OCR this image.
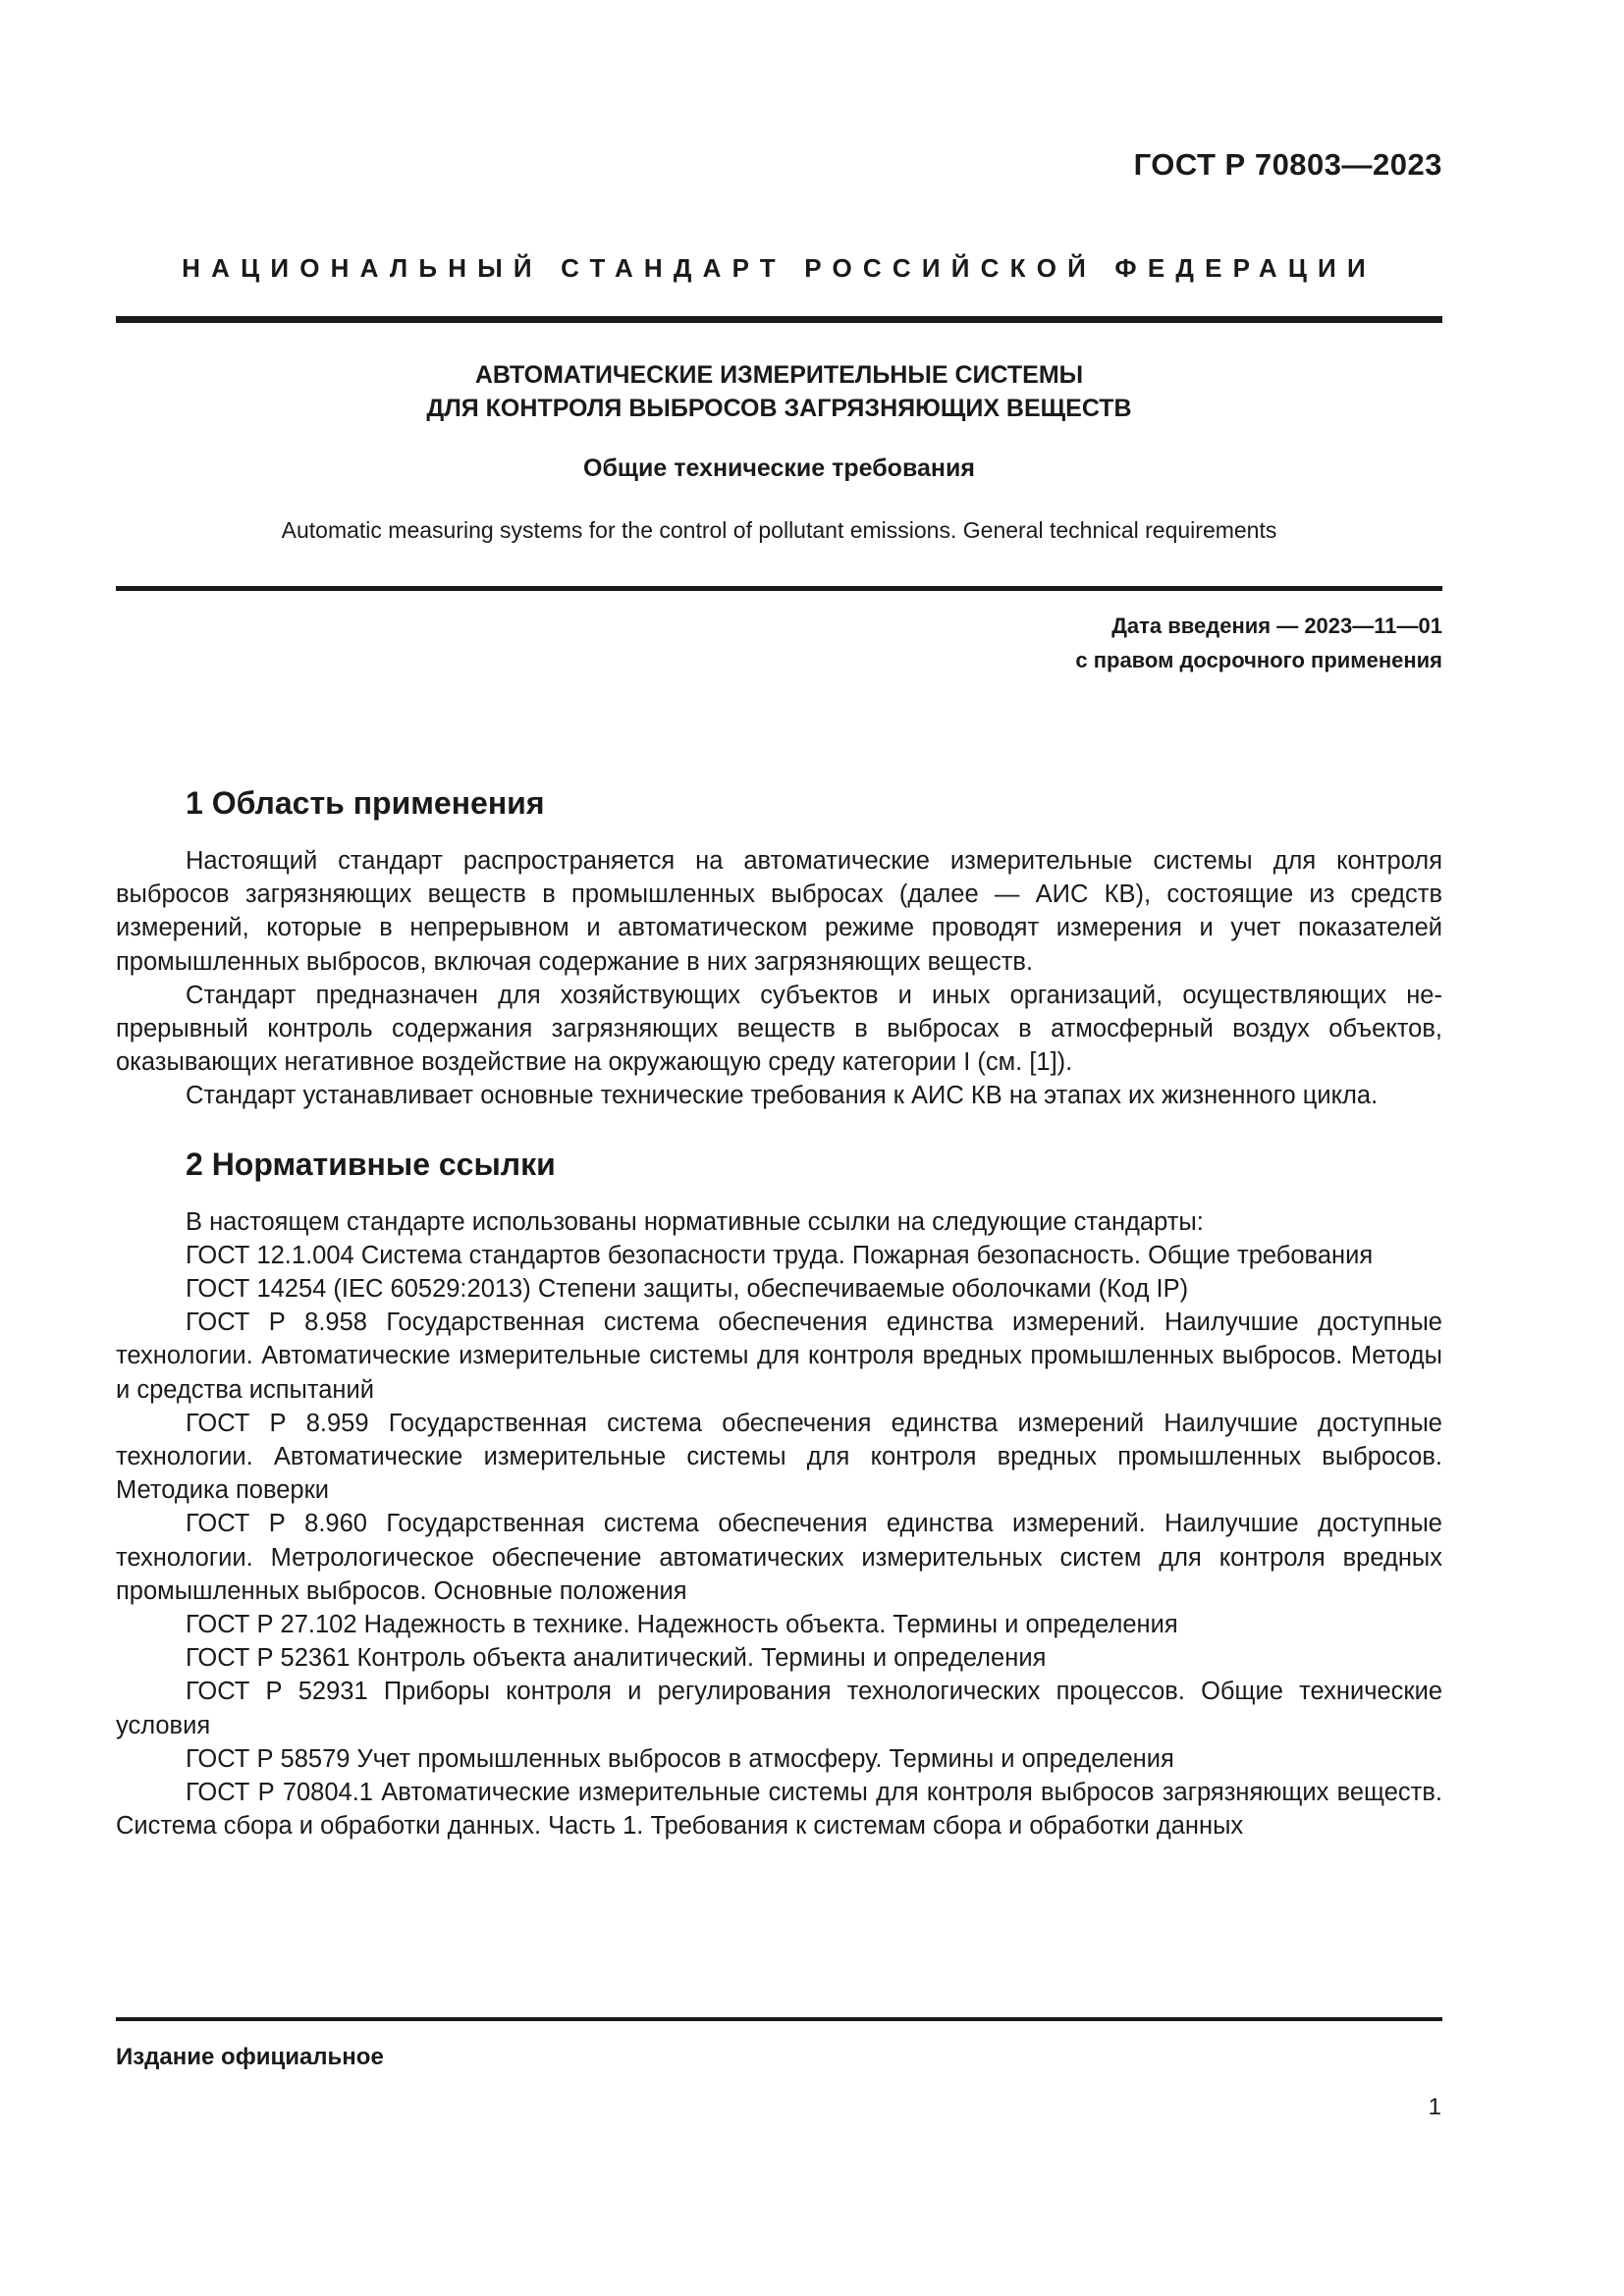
ГОСТ Р 70803—2023
НАЦИОНАЛЬНЫЙ СТАНДАРТ РОССИЙСКОЙ ФЕДЕРАЦИИ
АВТОМАТИЧЕСКИЕ ИЗМЕРИТЕЛЬНЫЕ СИСТЕМЫ
ДЛЯ КОНТРОЛЯ ВЫБРОСОВ ЗАГРЯЗНЯЮЩИХ ВЕЩЕСТВ
Общие технические требования
Automatic measuring systems for the control of pollutant emissions. General technical requirements
Дата введения — 2023—11—01
с правом досрочного применения
1 Область применения

Настоящий стандарт распространяется на автоматические измерительные системы для контроля выбросов загрязняющих веществ в промышленных выбросах (далее — АИС КВ), состоящие из средств измерений, которые в непрерывном и автоматическом режиме проводят измерения и учет показателей промышленных выбросов, включая содержание в них загрязняющих веществ.

Стандарт предназначен для хозяйствующих субъектов и иных организаций, осуществляющих непрерывный контроль содержания загрязняющих веществ в выбросах в атмосферный воздух объектов, оказывающих негативное воздействие на окружающую среду категории I (см. [1]).

Стандарт устанавливает основные технические требования к АИС КВ на этапах их жизненного цикла.

2 Нормативные ссылки

В настоящем стандарте использованы нормативные ссылки на следующие стандарты:

ГОСТ 12.1.004 Система стандартов безопасности труда. Пожарная безопасность. Общие требования

ГОСТ 14254 (IEC 60529:2013) Степени защиты, обеспечиваемые оболочками (Код IP)

ГОСТ Р 8.958 Государственная система обеспечения единства измерений. Наилучшие доступные технологии. Автоматические измерительные системы для контроля вредных промышленных выбросов. Методы и средства испытаний

ГОСТ Р 8.959 Государственная система обеспечения единства измерений Наилучшие доступные технологии. Автоматические измерительные системы для контроля вредных промышленных выбросов. Методика поверки

ГОСТ Р 8.960 Государственная система обеспечения единства измерений. Наилучшие доступные технологии. Метрологическое обеспечение автоматических измерительных систем для контроля вредных промышленных выбросов. Основные положения

ГОСТ Р 27.102 Надежность в технике. Надежность объекта. Термины и определения

ГОСТ Р 52361 Контроль объекта аналитический. Термины и определения

ГОСТ Р 52931 Приборы контроля и регулирования технологических процессов. Общие технические условия

ГОСТ Р 58579 Учет промышленных выбросов в атмосферу. Термины и определения

ГОСТ Р 70804.1 Автоматические измерительные системы для контроля выбросов загрязняющих веществ. Система сбора и обработки данных. Часть 1. Требования к системам сбора и обработки данных

Издание официальное
1
